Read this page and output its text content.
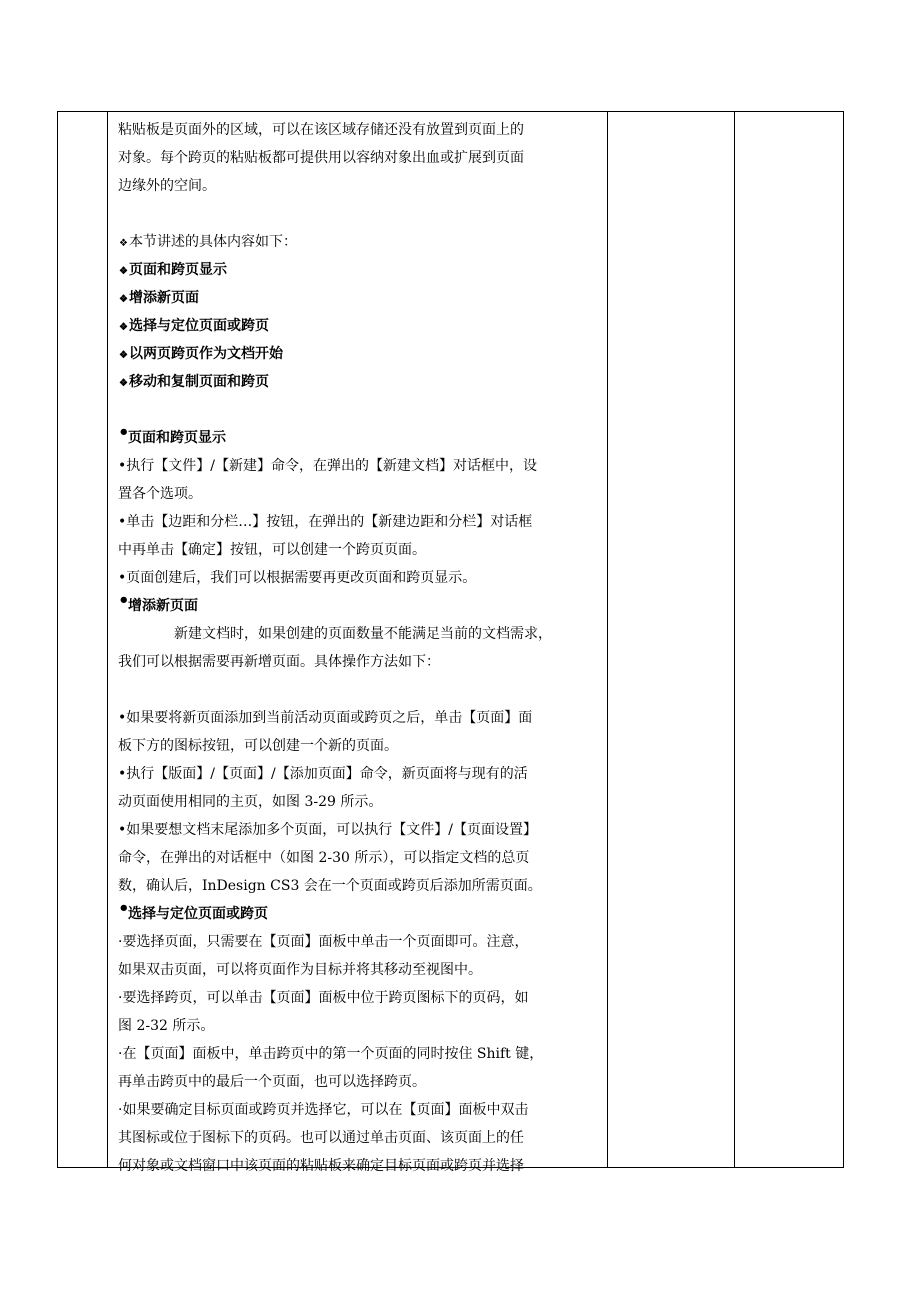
粘贴板是页面外的区域，可以在该区域存储还没有放置到页面上的
对象。每个跨页的粘贴板都可提供用以容纳对象出血或扩展到页面
边缘外的空间。
❖本节讲述的具体内容如下：
❖页面和跨页显示
❖增添新页面
❖选择与定位页面或跨页
❖以两页跨页作为文档开始
❖移动和复制页面和跨页
•页面和跨页显示
•执行【文件】/【新建】命令，在弹出的【新建文档】对话框中，设
置各个选项。
•单击【边距和分栏…】按钮，在弹出的【新建边距和分栏】对话框
中再单击【确定】按钮，可以创建一个跨页页面。
•页面创建后，我们可以根据需要再更改页面和跨页显示。
•增添新页面
新建文档时，如果创建的页面数量不能满足当前的文档需求，
我们可以根据需要再新增页面。具体操作方法如下：
•如果要将新页面添加到当前活动页面或跨页之后，单击【页面】面
板下方的图标按钮，可以创建一个新的页面。
•执行【版面】/【页面】/【添加页面】命令，新页面将与现有的活
动页面使用相同的主页，如图 3-29 所示。
•如果要想文档末尾添加多个页面，可以执行【文件】/【页面设置】
命令，在弹出的对话框中（如图 2-30 所示），可以指定文档的总页
数，确认后，InDesign CS3 会在一个页面或跨页后添加所需页面。
•选择与定位页面或跨页
·要选择页面，只需要在【页面】面板中单击一个页面即可。注意，
如果双击页面，可以将页面作为目标并将其移动至视图中。
·要选择跨页，可以单击【页面】面板中位于跨页图标下的页码，如
图 2-32 所示。
·在【页面】面板中，单击跨页中的第一个页面的同时按住 Shift 键，
再单击跨页中的最后一个页面，也可以选择跨页。
·如果要确定目标页面或跨页并选择它，可以在【页面】面板中双击
其图标或位于图标下的页码。也可以通过单击页面、该页面上的任
何对象或文档窗口中该页面的粘贴板来确定目标页面或跨页并选择
